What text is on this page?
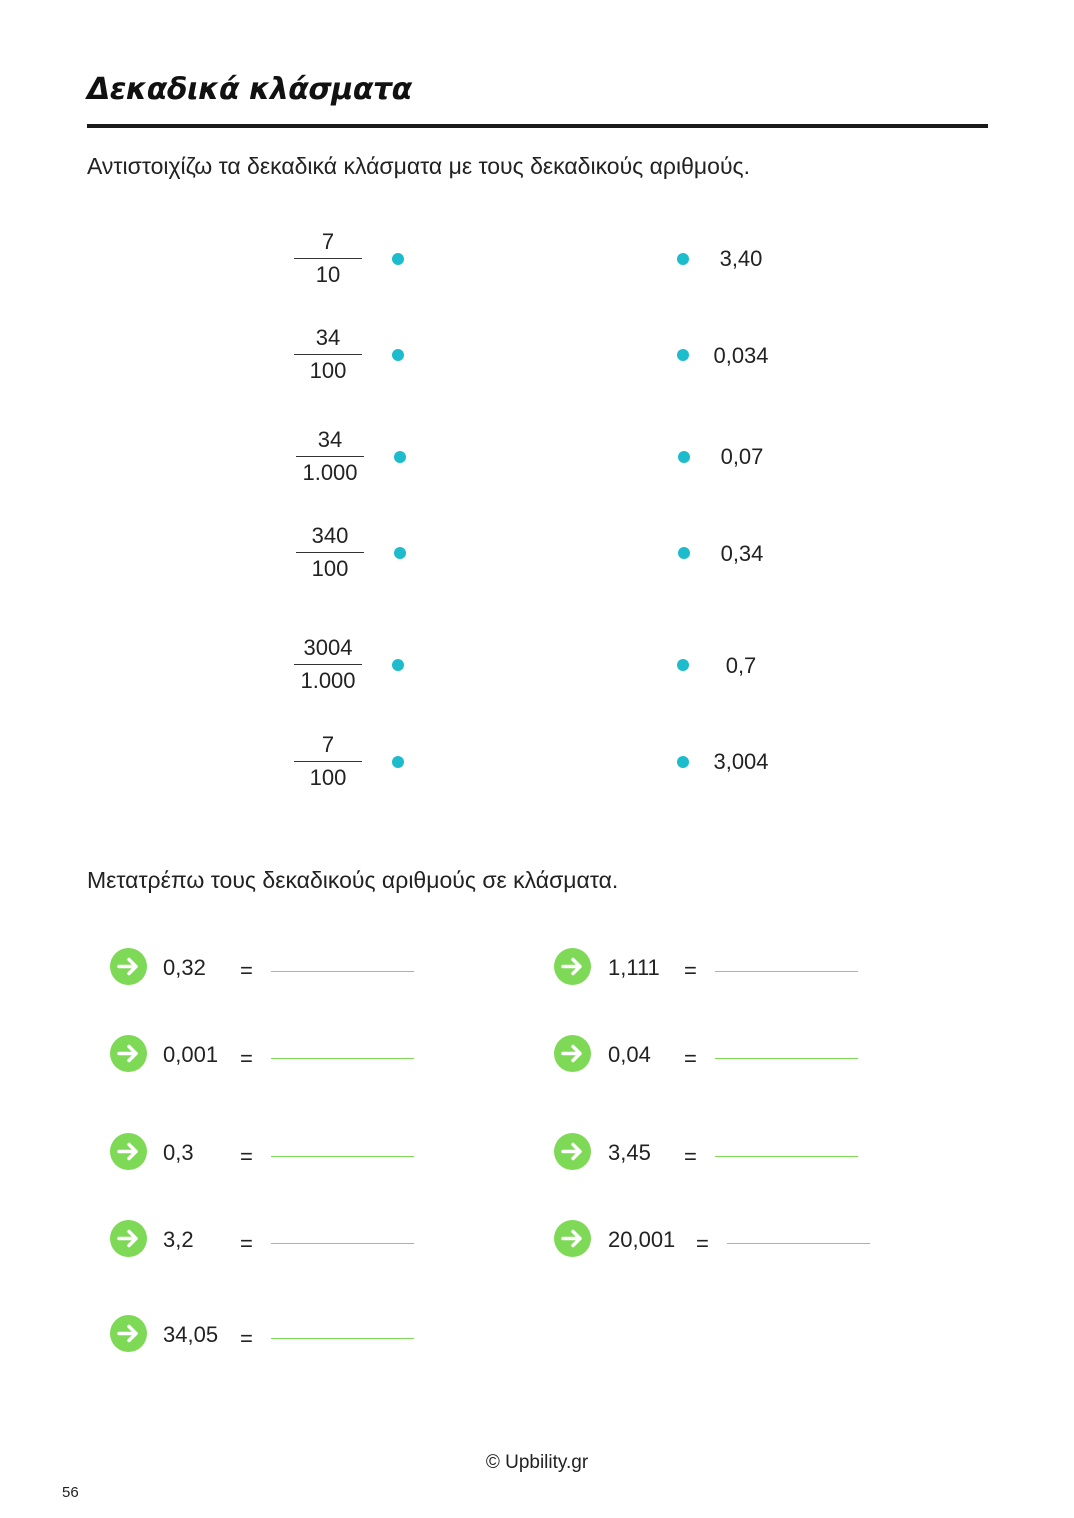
Δεκαδικά κλάσματα
Αντιστοιχίζω τα δεκαδικά κλάσματα με τους δεκαδικούς αριθμούς.
7
10
34
100
34
1.000
340
100
3004
1.000
7
100
3,40
0,034
0,07
0,34
0,7
3,004
Μετατρέπω τους δεκαδικούς αριθμούς σε κλάσματα.
0,32 =
0,001 =
0,3 =
3,2 =
34,05 =
1,111 =
0,04 =
3,45 =
20,001 =
© Upbility.gr
56
